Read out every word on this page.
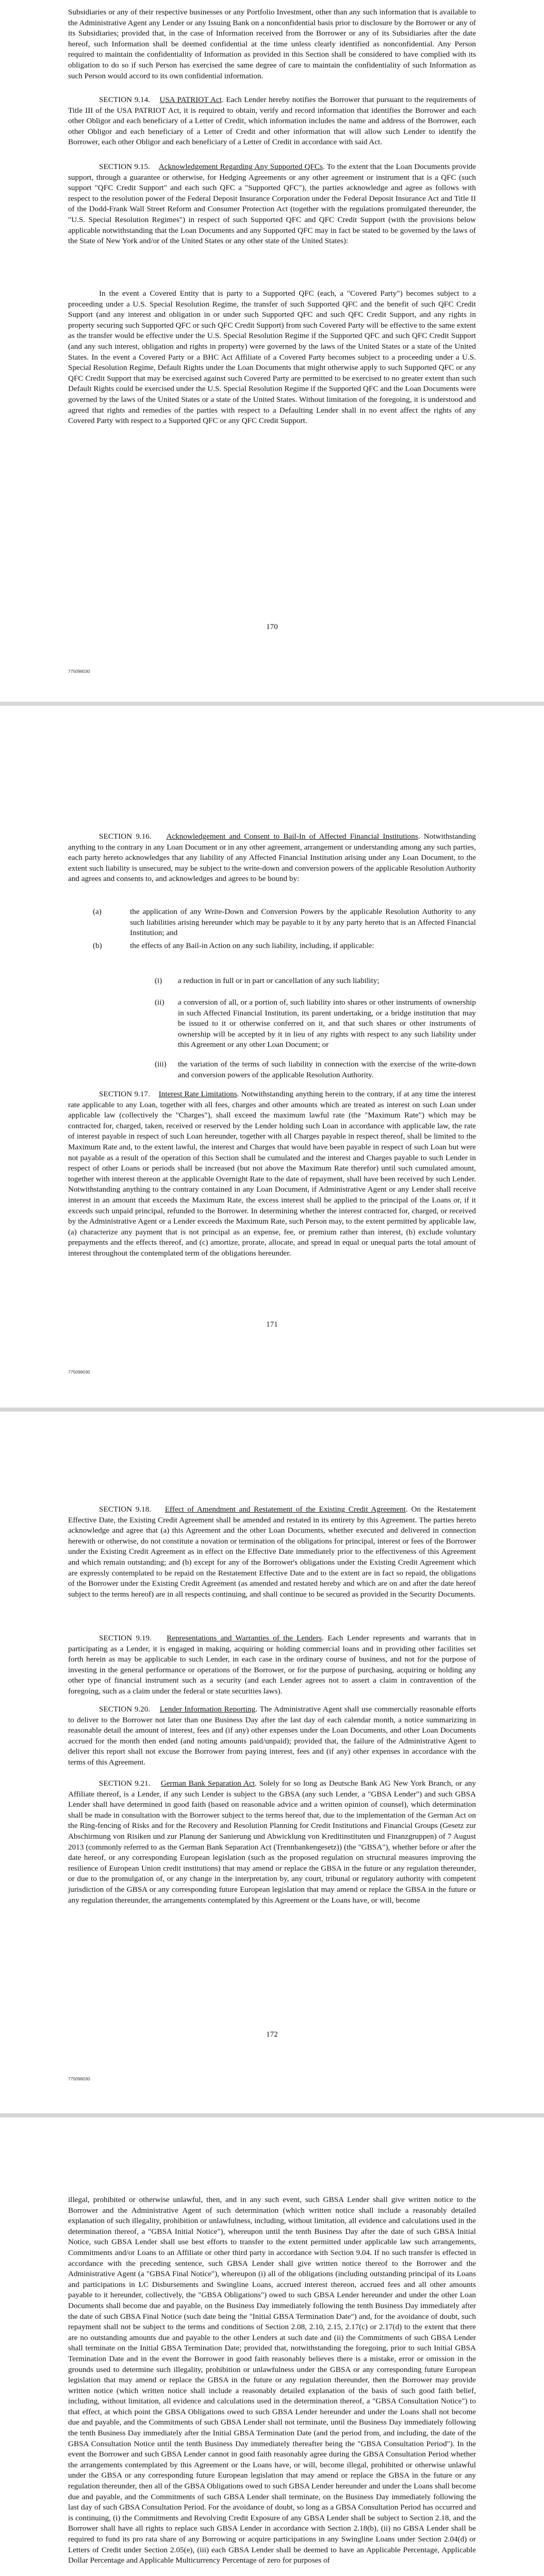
Subsidiaries or any of their respective businesses or any Portfolio Investment, other than any such information that is available to the Administrative Agent any Lender or any Issuing Bank on a nonconfidential basis prior to disclosure by the Borrower or any of its Subsidiaries; provided that, in the case of Information received from the Borrower or any of its Subsidiaries after the date hereof, such Information shall be deemed confidential at the time unless clearly identified as nonconfidential. Any Person required to maintain the confidentiality of Information as provided in this Section shall be considered to have complied with its obligation to do so if such Person has exercised the same degree of care to maintain the confidentiality of such Information as such Person would accord to its own confidential information.

SECTION 9.14. USA PATRIOT Act. Each Lender hereby notifies the Borrower that pursuant to the requirements of Title III of the USA PATRIOT Act, it is required to obtain, verify and record information that identifies the Borrower and each other Obligor and each beneficiary of a Letter of Credit, which information includes the name and address of the Borrower, each other Obligor and each beneficiary of a Letter of Credit and other information that will allow such Lender to identify the Borrower, each other Obligor and each beneficiary of a Letter of Credit in accordance with said Act.

SECTION 9.15. Acknowledgement Regarding Any Supported QFCs. To the extent that the Loan Documents provide support, through a guarantee or otherwise, for Hedging Agreements or any other agreement or instrument that is a QFC (such support "QFC Credit Support" and each such QFC a "Supported QFC"), the parties acknowledge and agree as follows with respect to the resolution power of the Federal Deposit Insurance Corporation under the Federal Deposit Insurance Act and Title II of the Dodd-Frank Wall Street Reform and Consumer Protection Act (together with the regulations promulgated thereunder, the "U.S. Special Resolution Regimes") in respect of such Supported QFC and QFC Credit Support (with the provisions below applicable notwithstanding that the Loan Documents and any Supported QFC may in fact be stated to be governed by the laws of the State of New York and/or of the United States or any other state of the United States):

In the event a Covered Entity that is party to a Supported QFC (each, a "Covered Party") becomes subject to a proceeding under a U.S. Special Resolution Regime, the transfer of such Supported QFC and the benefit of such QFC Credit Support (and any interest and obligation in or under such Supported QFC and such QFC Credit Support, and any rights in property securing such Supported QFC or such QFC Credit Support) from such Covered Party will be effective to the same extent as the transfer would be effective under the U.S. Special Resolution Regime if the Supported QFC and such QFC Credit Support (and any such interest, obligation and rights in property) were governed by the laws of the United States or a state of the United States. In the event a Covered Party or a BHC Act Affiliate of a Covered Party becomes subject to a proceeding under a U.S. Special Resolution Regime, Default Rights under the Loan Documents that might otherwise apply to such Supported QFC or any QFC Credit Support that may be exercised against such Covered Party are permitted to be exercised to no greater extent than such Default Rights could be exercised under the U.S. Special Resolution Regime if the Supported QFC and the Loan Documents were governed by the laws of the United States or a state of the United States. Without limitation of the foregoing, it is understood and agreed that rights and remedies of the parties with respect to a Defaulting Lender shall in no event affect the rights of any Covered Party with respect to a Supported QFC or any QFC Credit Support.

170
775098030

SECTION 9.16. Acknowledgement and Consent to Bail-In of Affected Financial Institutions. Notwithstanding anything to the contrary in any Loan Document or in any other agreement, arrangement or understanding among any such parties, each party hereto acknowledges that any liability of any Affected Financial Institution arising under any Loan Document, to the extent such liability is unsecured, may be subject to the write-down and conversion powers of the applicable Resolution Authority and agrees and consents to, and acknowledges and agrees to be bound by:

(a)	the application of any Write-Down and Conversion Powers by the applicable Resolution Authority to any such liabilities arising hereunder which may be payable to it by any party hereto that is an Affected Financial Institution; and

(b)	the effects of any Bail-in Action on any such liability, including, if applicable:

(i) a reduction in full or in part or cancellation of any such liability;

(ii) a conversion of all, or a portion of, such liability into shares or other instruments of ownership in such Affected Financial Institution, its parent undertaking, or a bridge institution that may be issued to it or otherwise conferred on it, and that such shares or other instruments of ownership will be accepted by it in lieu of any rights with respect to any such liability under this Agreement or any other Loan Document; or

(iii) the variation of the terms of such liability in connection with the exercise of the write-down and conversion powers of the applicable Resolution Authority.

SECTION 9.17. Interest Rate Limitations. Notwithstanding anything herein to the contrary, if at any time the interest rate applicable to any Loan, together with all fees, charges and other amounts which are treated as interest on such Loan under applicable law (collectively the "Charges"), shall exceed the maximum lawful rate (the "Maximum Rate") which may be contracted for, charged, taken, received or reserved by the Lender holding such Loan in accordance with applicable law, the rate of interest payable in respect of such Loan hereunder, together with all Charges payable in respect thereof, shall be limited to the Maximum Rate and, to the extent lawful, the interest and Charges that would have been payable in respect of such Loan but were not payable as a result of the operation of this Section shall be cumulated and the interest and Charges payable to such Lender in respect of other Loans or periods shall be increased (but not above the Maximum Rate therefor) until such cumulated amount, together with interest thereon at the applicable Overnight Rate to the date of repayment, shall have been received by such Lender. Notwithstanding anything to the contrary contained in any Loan Document, if Administrative Agent or any Lender shall receive interest in an amount that exceeds the Maximum Rate, the excess interest shall be applied to the principal of the Loans or, if it exceeds such unpaid principal, refunded to the Borrower. In determining whether the interest contracted for, charged, or received by the Administrative Agent or a Lender exceeds the Maximum Rate, such Person may, to the extent permitted by applicable law, (a) characterize any payment that is not principal as an expense, fee, or premium rather than interest, (b) exclude voluntary prepayments and the effects thereof, and (c) amortize, prorate, allocate, and spread in equal or unequal parts the total amount of interest throughout the contemplated term of the obligations hereunder.

171
775098030

SECTION 9.18. Effect of Amendment and Restatement of the Existing Credit Agreement. On the Restatement Effective Date, the Existing Credit Agreement shall be amended and restated in its entirety by this Agreement. The parties hereto acknowledge and agree that (a) this Agreement and the other Loan Documents, whether executed and delivered in connection herewith or otherwise, do not constitute a novation or termination of the obligations for principal, interest or fees of the Borrower under the Existing Credit Agreement as in effect on the Effective Date immediately prior to the effectiveness of this Agreement and which remain outstanding; and (b) except for any of the Borrower's obligations under the Existing Credit Agreement which are expressly contemplated to be repaid on the Restatement Effective Date and to the extent are in fact so repaid, the obligations of the Borrower under the Existing Credit Agreement (as amended and restated hereby and which are on and after the date hereof subject to the terms hereof) are in all respects continuing, and shall continue to be secured as provided in the Security Documents.

SECTION 9.19. Representations and Warranties of the Lenders. Each Lender represents and warrants that in participating as a Lender, it is engaged in making, acquiring or holding commercial loans and in providing other facilities set forth herein as may be applicable to such Lender, in each case in the ordinary course of business, and not for the purpose of investing in the general performance or operations of the Borrower, or for the purpose of purchasing, acquiring or holding any other type of financial instrument such as a security (and each Lender agrees not to assert a claim in contravention of the foregoing, such as a claim under the federal or state securities laws).

SECTION 9.20. Lender Information Reporting. The Administrative Agent shall use commercially reasonable efforts to deliver to the Borrower not later than one Business Day after the last day of each calendar month, a notice summarizing in reasonable detail the amount of interest, fees and (if any) other expenses under the Loan Documents, and other Loan Documents accrued for the month then ended (and noting amounts paid/unpaid); provided that, the failure of the Administrative Agent to deliver this report shall not excuse the Borrower from paying interest, fees and (if any) other expenses in accordance with the terms of this Agreement.

SECTION 9.21. German Bank Separation Act. Solely for so long as Deutsche Bank AG New York Branch, or any Affiliate thereof, is a Lender, if any such Lender is subject to the GBSA (any such Lender, a "GBSA Lender") and such GBSA Lender shall have determined in good faith (based on reasonable advice and a written opinion of counsel), which determination shall be made in consultation with the Borrower subject to the terms hereof that, due to the implementation of the German Act on the Ring-fencing of Risks and for the Recovery and Resolution Planning for Credit Institutions and Financial Groups (Gesetz zur Abschirmung von Risiken und zur Planung der Sanierung und Abwicklung von Kreditinstituten und Finanzgruppen) of 7 August 2013 (commonly referred to as the German Bank Separation Act (Trennbankengesetz)) (the "GBSA"), whether before or after the date hereof, or any corresponding European legislation (such as the proposed regulation on structural measures improving the resilience of European Union credit institutions) that may amend or replace the GBSA in the future or any regulation thereunder, or due to the promulgation of, or any change in the interpretation by, any court, tribunal or regulatory authority with competent jurisdiction of the GBSA or any corresponding future European legislation that may amend or replace the GBSA in the future or any regulation thereunder, the arrangements contemplated by this Agreement or the Loans have, or will, become

172
775098030

illegal, prohibited or otherwise unlawful, then, and in any such event, such GBSA Lender shall give written notice to the Borrower and the Administrative Agent of such determination (which written notice shall include a reasonably detailed explanation of such illegality, prohibition or unlawfulness, including, without limitation, all evidence and calculations used in the determination thereof, a "GBSA Initial Notice"), whereupon until the tenth Business Day after the date of such GBSA Initial Notice, such GBSA Lender shall use best efforts to transfer to the extent permitted under applicable law such arrangements, Commitments and/or Loans to an Affiliate or other third party in accordance with Section 9.04. If no such transfer is effected in accordance with the preceding sentence, such GBSA Lender shall give written notice thereof to the Borrower and the Administrative Agent (a "GBSA Final Notice"), whereupon (i) all of the obligations (including outstanding principal of its Loans and participations in LC Disbursements and Swingline Loans, accrued interest thereon, accrued fees and all other amounts payable to it hereunder, collectively, the "GBSA Obligations") owed to such GBSA Lender hereunder and under the other Loan Documents shall become due and payable, on the Business Day immediately following the tenth Business Day immediately after the date of such GBSA Final Notice (such date being the "Initial GBSA Termination Date") and, for the avoidance of doubt, such repayment shall not be subject to the terms and conditions of Section 2.08, 2.10, 2.15, 2.17(c) or 2.17(d) to the extent that there are no outstanding amounts due and payable to the other Lenders at such date and (ii) the Commitments of such GBSA Lender shall terminate on the Initial GBSA Termination Date; provided that, notwithstanding the foregoing, prior to such Initial GBSA Termination Date and in the event the Borrower in good faith reasonably believes there is a mistake, error or omission in the grounds used to determine such illegality, prohibition or unlawfulness under the GBSA or any corresponding future European legislation that may amend or replace the GBSA in the future or any regulation thereunder, then the Borrower may provide written notice (which written notice shall include a reasonably detailed explanation of the basis of such good faith belief, including, without limitation, all evidence and calculations used in the determination thereof, a "GBSA Consultation Notice") to that effect, at which point the GBSA Obligations owed to such GBSA Lender hereunder and under the Loans shall not become due and payable, and the Commitments of such GBSA Lender shall not terminate, until the Business Day immediately following the tenth Business Day immediately after the Initial GBSA Termination Date (and the period from, and including, the date of the GBSA Consultation Notice until the tenth Business Day immediately thereafter being the "GBSA Consultation Period"). In the event the Borrower and such GBSA Lender cannot in good faith reasonably agree during the GBSA Consultation Period whether the arrangements contemplated by this Agreement or the Loans have, or will, become illegal, prohibited or otherwise unlawful under the GBSA or any corresponding future European legislation that may amend or replace the GBSA in the future or any regulation thereunder, then all of the GBSA Obligations owed to such GBSA Lender hereunder and under the Loans shall become due and payable, and the Commitments of such GBSA Lender shall terminate, on the Business Day immediately following the last day of such GBSA Consultation Period. For the avoidance of doubt, so long as a GBSA Consultation Period has occurred and is continuing, (i) the Commitments and Revolving Credit Exposure of any GBSA Lender shall be subject to Section 2.18, and the Borrower shall have all rights to replace such GBSA Lender in accordance with Section 2.18(b), (ii) no GBSA Lender shall be required to fund its pro rata share of any Borrowing or acquire participations in any Swingline Loans under Section 2.04(d) or Letters of Credit under Section 2.05(e), (iii) each GBSA Lender shall be deemed to have an Applicable Percentage, Applicable Dollar Percentage and Applicable Multicurrency Percentage of zero for purposes of
